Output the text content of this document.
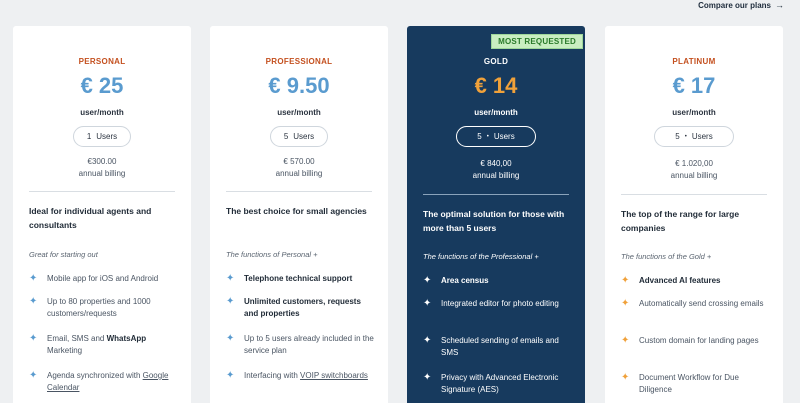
Compare our plans →
PERSONAL
€ 25
user/month
1 Users
€300.00
annual billing
Ideal for individual agents and consultants
Great for starting out
✦ Mobile app for iOS and Android
✦ Up to 80 properties and 1000 customers/requests
✦ Email, SMS and WhatsApp Marketing
✦ Agenda synchronized with Google Calendar
PROFESSIONAL
€ 9.50
user/month
5 Users
€ 570.00
annual billing
The best choice for small agencies
The functions of Personal +
✦ Telephone technical support
✦ Unlimited customers, requests and properties
✦ Up to 5 users already included in the service plan
✦ Interfacing with VOIP switchboards
MOST REQUESTED
GOLD
€ 14
user/month
5 • Users
€ 840,00
annual billing
The optimal solution for those with more than 5 users
The functions of the Professional +
✦ Area census
✦ Integrated editor for photo editing
✦ Scheduled sending of emails and SMS
✦ Privacy with Advanced Electronic Signature (AES)
PLATINUM
€ 17
user/month
5 • Users
€ 1.020,00
annual billing
The top of the range for large companies
The functions of the Gold +
✦ Advanced AI features
✦ Automatically send crossing emails
✦ Custom domain for landing pages
✦ Document Workflow for Due Diligence
